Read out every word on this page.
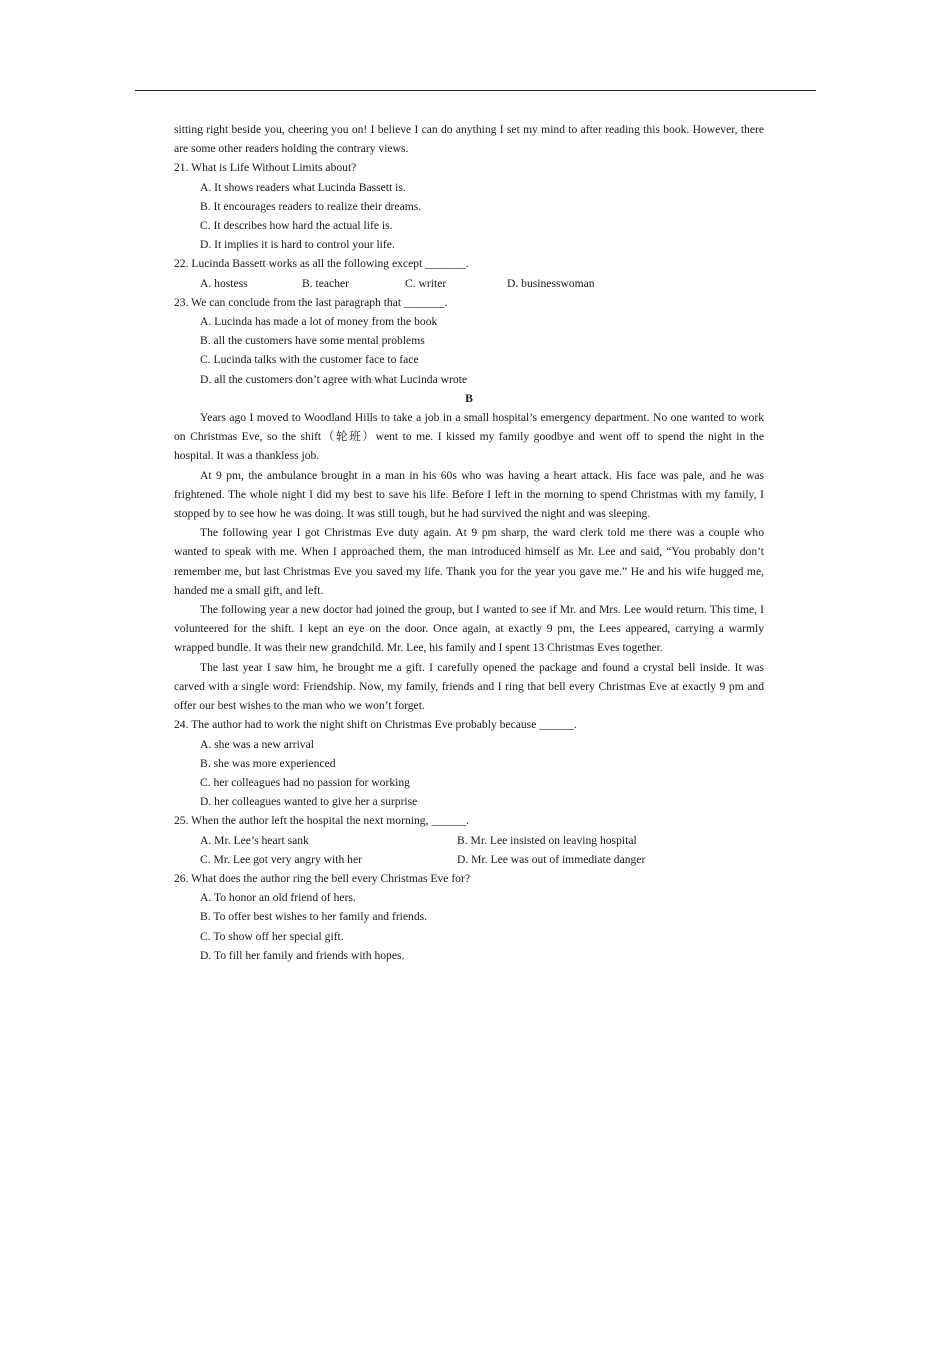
sitting right beside you, cheering you on! I believe I can do anything I set my mind to after reading this book. However, there are some other readers holding the contrary views.

21. What is Life Without Limits about?

A. It shows readers what Lucinda Bassett is.

B. It encourages readers to realize their dreams.

C. It describes how hard the actual life is.

D. It implies it is hard to control your life.

22. Lucinda Bassett works as all the following except _______.

A. hostess	B. teacher	C. writer	D. businesswoman

23. We can conclude from the last paragraph that _______.

A. Lucinda has made a lot of money from the book

B. all the customers have some mental problems

C. Lucinda talks with the customer face to face

D. all the customers don’t agree with what Lucinda wrote

B

Years ago I moved to Woodland Hills to take a job in a small hospital’s emergency department. No one wanted to work on Christmas Eve, so the shift（轮班）went to me. I kissed my family goodbye and went off to spend the night in the hospital. It was a thankless job.

At 9 pm, the ambulance brought in a man in his 60s who was having a heart attack. His face was pale, and he was frightened. The whole night I did my best to save his life. Before I left in the morning to spend Christmas with my family, I stopped by to see how he was doing. It was still tough, but he had survived the night and was sleeping.

The following year I got Christmas Eve duty again. At 9 pm sharp, the ward clerk told me there was a couple who wanted to speak with me. When I approached them, the man introduced himself as Mr. Lee and said, “You probably don’t remember me, but last Christmas Eve you saved my life. Thank you for the year you gave me.” He and his wife hugged me, handed me a small gift, and left.

The following year a new doctor had joined the group, but I wanted to see if Mr. and Mrs. Lee would return. This time, I volunteered for the shift. I kept an eye on the door. Once again, at exactly 9 pm, the Lees appeared, carrying a warmly wrapped bundle. It was their new grandchild. Mr. Lee, his family and I spent 13 Christmas Eves together.

The last year I saw him, he brought me a gift. I carefully opened the package and found a crystal bell inside. It was carved with a single word: Friendship. Now, my family, friends and I ring that bell every Christmas Eve at exactly 9 pm and offer our best wishes to the man who we won’t forget.

24. The author had to work the night shift on Christmas Eve probably because ______.

A. she was a new arrival

B. she was more experienced

C. her colleagues had no passion for working

D. her colleagues wanted to give her a surprise

25. When the author left the hospital the next morning, ______.

A. Mr. Lee’s heart sank	B. Mr. Lee insisted on leaving hospital
C. Mr. Lee got very angry with her	D. Mr. Lee was out of immediate danger

26. What does the author ring the bell every Christmas Eve for?

A. To honor an old friend of hers.

B. To offer best wishes to her family and friends.

C. To show off her special gift.

D. To fill her family and friends with hopes.
